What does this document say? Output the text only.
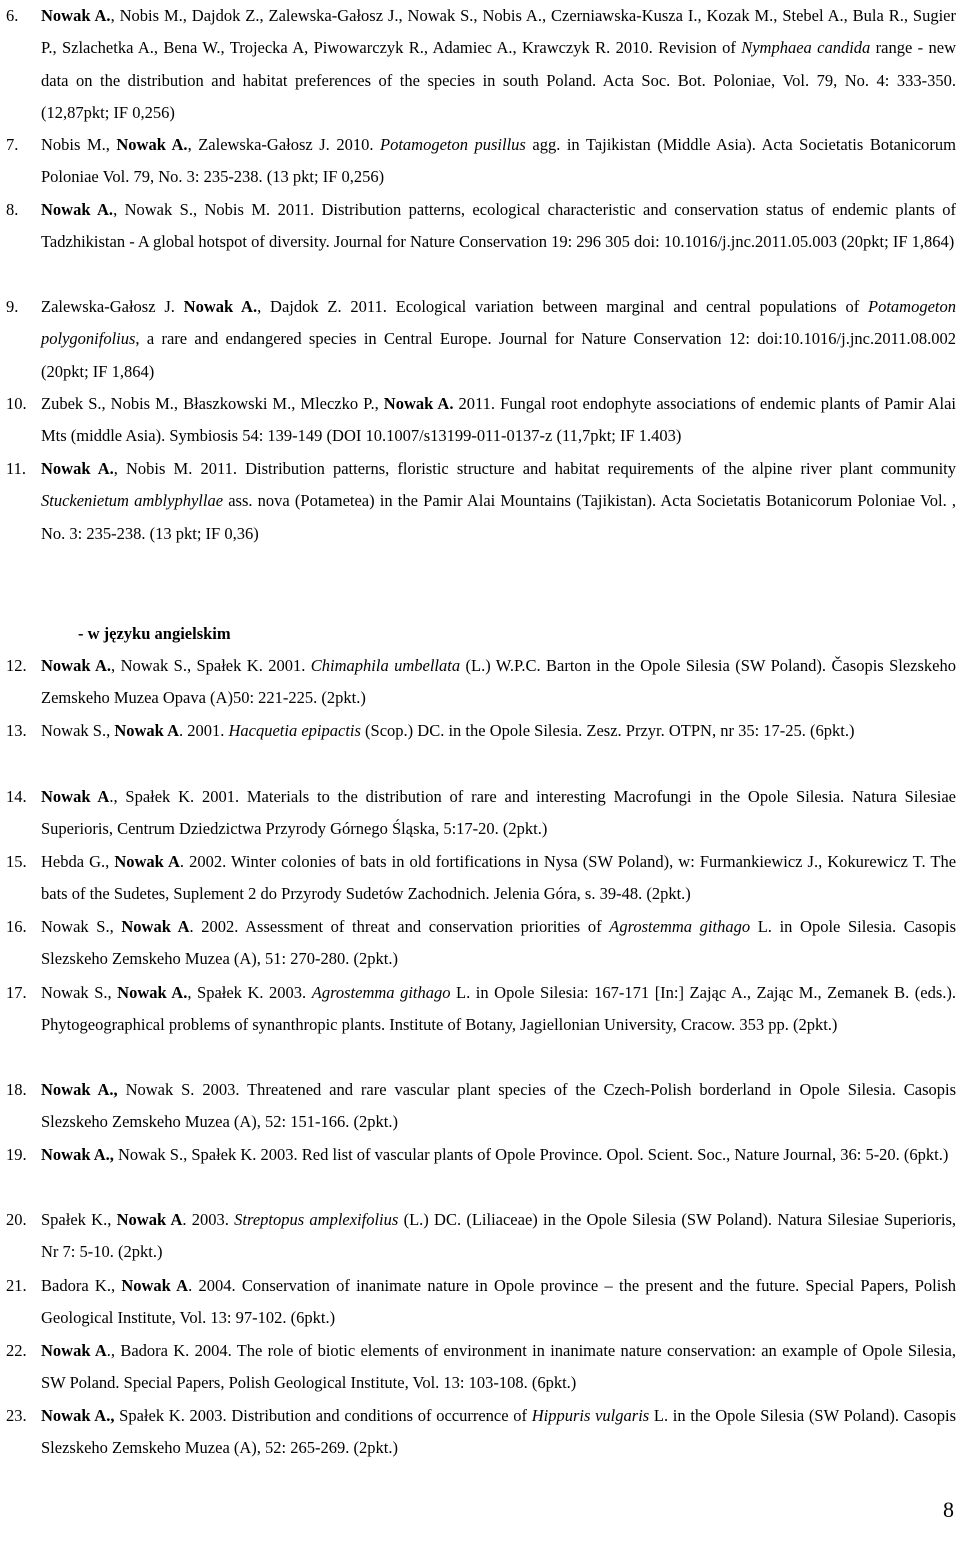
6. Nowak A., Nobis M., Dajdok Z., Zalewska-Gałosz J., Nowak S., Nobis A., Czerniawska-Kusza I., Kozak M., Stebel A., Bula R., Sugier P., Szlachetka A., Bena W., Trojecka A, Piwowarczyk R., Adamiec A., Krawczyk R. 2010. Revision of Nymphaea candida range - new data on the distribution and habitat preferences of the species in south Poland. Acta Soc. Bot. Poloniae, Vol. 79, No. 4: 333-350. (12,87pkt; IF 0,256)
7. Nobis M., Nowak A., Zalewska-Gałosz J. 2010. Potamogeton pusillus agg. in Tajikistan (Middle Asia). Acta Societatis Botanicorum Poloniae Vol. 79, No. 3: 235-238. (13 pkt; IF 0,256)
8. Nowak A., Nowak S., Nobis M. 2011. Distribution patterns, ecological characteristic and conservation status of endemic plants of Tadzhikistan - A global hotspot of diversity. Journal for Nature Conservation 19: 296 305 doi: 10.1016/j.jnc.2011.05.003 (20pkt; IF 1,864)
9. Zalewska-Gałosz J. Nowak A., Dajdok Z. 2011. Ecological variation between marginal and central populations of Potamogeton polygonifolius, a rare and endangered species in Central Europe. Journal for Nature Conservation 12: doi:10.1016/j.jnc.2011.08.002 (20pkt; IF 1,864)
10. Zubek S., Nobis M., Błaszkowski M., Mleczko P., Nowak A. 2011. Fungal root endophyte associations of endemic plants of Pamir Alai Mts (middle Asia). Symbiosis 54: 139-149 (DOI 10.1007/s13199-011-0137-z (11,7pkt; IF 1.403)
11. Nowak A., Nobis M. 2011. Distribution patterns, floristic structure and habitat requirements of the alpine river plant community Stuckenietum amblyphyllae ass. nova (Potametea) in the Pamir Alai Mountains (Tajikistan). Acta Societatis Botanicorum Poloniae Vol. , No. 3: 235-238. (13 pkt; IF 0,36)
12. Nowak A., Nowak S., Spałek K. 2001. Chimaphila umbellata (L.) W.P.C. Barton in the Opole Silesia (SW Poland). Časopis Slezskeho Zemskeho Muzea Opava (A)50: 221-225. (2pkt.)
13. Nowak S., Nowak A. 2001. Hacquetia epipactis (Scop.) DC. in the Opole Silesia. Zesz. Przyr. OTPN, nr 35: 17-25. (6pkt.)
14. Nowak A., Spałek K. 2001. Materials to the distribution of rare and interesting Macrofungi in the Opole Silesia. Natura Silesiae Superioris, Centrum Dziedzictwa Przyrody Górnego Śląska, 5:17-20. (2pkt.)
15. Hebda G., Nowak A. 2002. Winter colonies of bats in old fortifications in Nysa (SW Poland), w: Furmankiewicz J., Kokurewicz T. The bats of the Sudetes, Suplement 2 do Przyrody Sudetów Zachodnich. Jelenia Góra, s. 39-48. (2pkt.)
16. Nowak S., Nowak A. 2002. Assessment of threat and conservation priorities of Agrostemma githago L. in Opole Silesia. Casopis Slezskeho Zemskeho Muzea (A), 51: 270-280. (2pkt.)
17. Nowak S., Nowak A., Spałek K. 2003. Agrostemma githago L. in Opole Silesia: 167-171 [In:] Zając A., Zając M., Zemanek B. (eds.). Phytogeographical problems of synanthropic plants. Institute of Botany, Jagiellonian University, Cracow. 353 pp. (2pkt.)
18. Nowak A., Nowak S. 2003. Threatened and rare vascular plant species of the Czech-Polish borderland in Opole Silesia. Casopis Slezskeho Zemskeho Muzea (A), 52: 151-166. (2pkt.)
19. Nowak A., Nowak S., Spałek K. 2003. Red list of vascular plants of Opole Province. Opol. Scient. Soc., Nature Journal, 36: 5-20. (6pkt.)
20. Spałek K., Nowak A. 2003. Streptopus amplexifolius (L.) DC. (Liliaceae) in the Opole Silesia (SW Poland). Natura Silesiae Superioris, Nr 7: 5-10. (2pkt.)
21. Badora K., Nowak A. 2004. Conservation of inanimate nature in Opole province – the present and the future. Special Papers, Polish Geological Institute, Vol. 13: 97-102. (6pkt.)
22. Nowak A., Badora K. 2004. The role of biotic elements of environment in inanimate nature conservation: an example of Opole Silesia, SW Poland. Special Papers, Polish Geological Institute, Vol. 13: 103-108. (6pkt.)
23. Nowak A., Spałek K. 2003. Distribution and conditions of occurrence of Hippuris vulgaris L. in the Opole Silesia (SW Poland). Casopis Slezskeho Zemskeho Muzea (A), 52: 265-269. (2pkt.)
- w języku angielskim
8
